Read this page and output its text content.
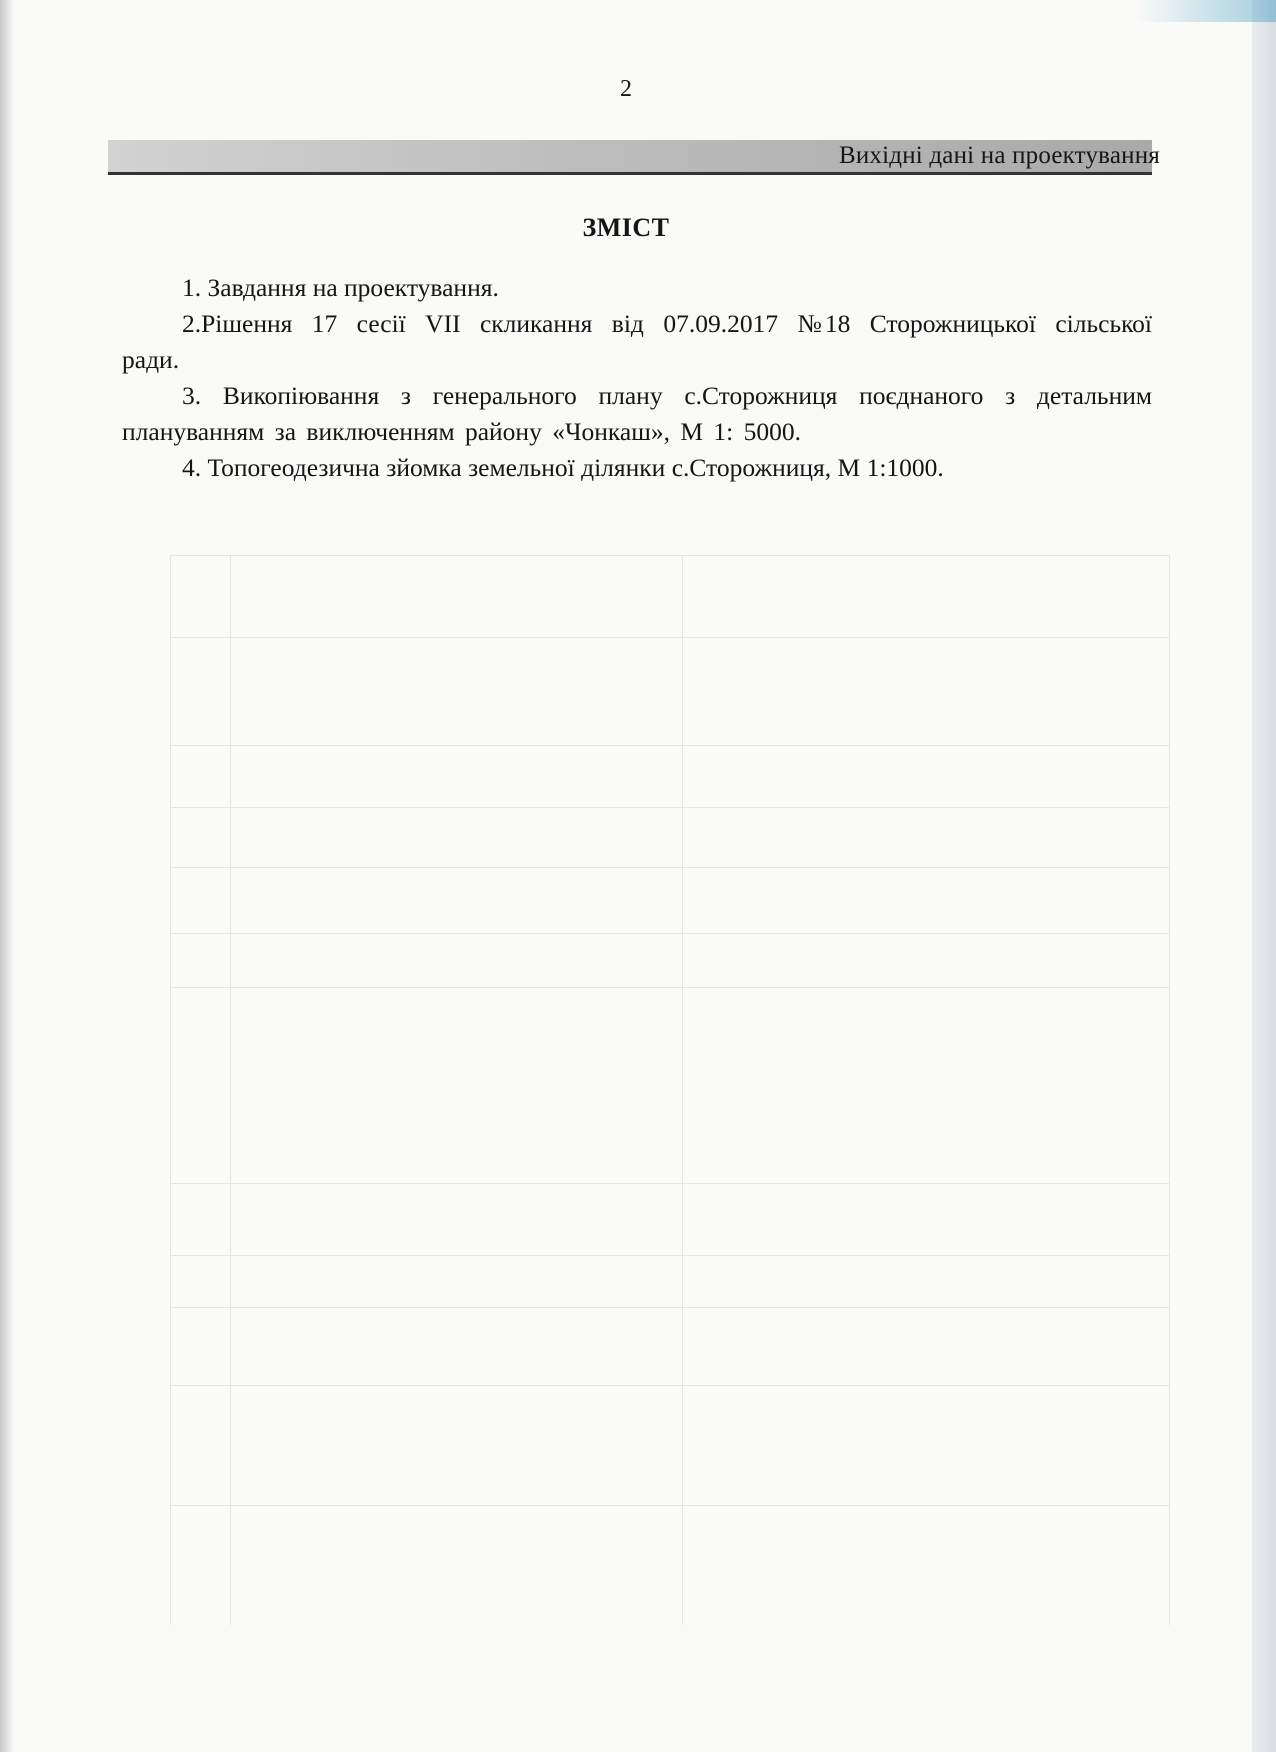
2
Вихідні дані на проектування
ЗМІСТ

1. Завдання на проектування.

2.Рішення 17 сесії VII скликання від 07.09.2017 №18 Сторожницької сільської ради.

3. Викопіювання з генерального плану с.Сторожниця поєднаного з детальним плануванням за виключенням району «Чонкаш», М 1: 5000.

4. Топогеодезична зйомка земельної ділянки с.Сторожниця, М 1:1000.
